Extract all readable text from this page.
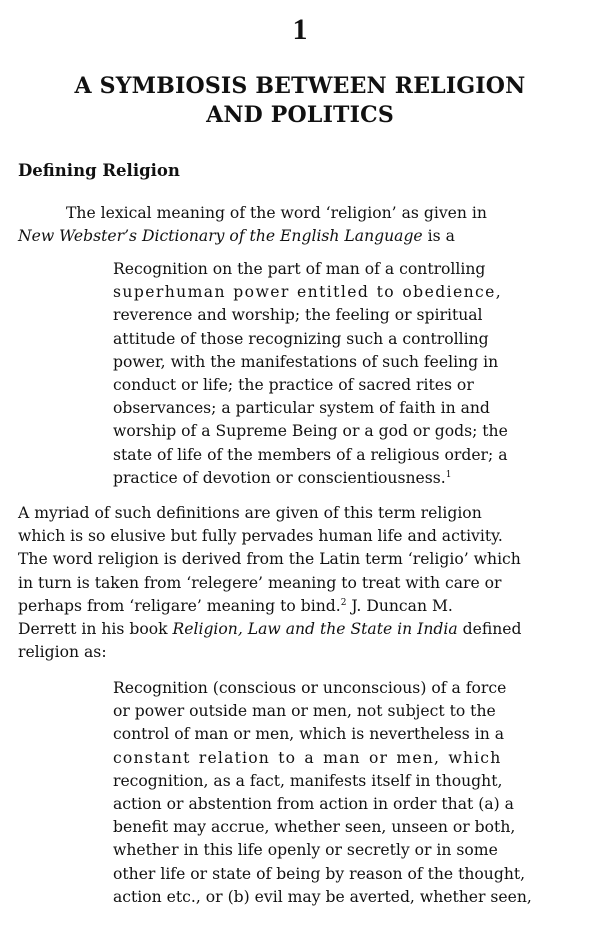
1
A SYMBIOSIS BETWEEN RELIGION
AND POLITICS
Defining Religion
The lexical meaning of the word ‘religion’ as given in
New Webster’s Dictionary of the English Language is a
Recognition on the part of man of a controlling
superhuman power entitled to obedience,
reverence and worship; the feeling or spiritual
attitude of those recognizing such a controlling
power, with the manifestations of such feeling in
conduct or life; the practice of sacred rites or
observances; a particular system of faith in and
worship of a Supreme Being or a god or gods; the
state of life of the members of a religious order; a
practice of devotion or conscientiousness.$^1$
A myriad of such definitions are given of this term religion
which is so elusive but fully pervades human life and activity.
The word religion is derived from the Latin term ‘religio’ which
in turn is taken from ‘relegere’ meaning to treat with care or
perhaps from ‘religare’ meaning to bind.$^2$ J. Duncan M.
Derrett in his book Religion, Law and the State in India defined
religion as:
Recognition (conscious or unconscious) of a force
or power outside man or men, not subject to the
control of man or men, which is nevertheless in a
constant relation to a man or men, which
recognition, as a fact, manifests itself in thought,
action or abstention from action in order that (a) a
benefit may accrue, whether seen, unseen or both,
whether in this life openly or secretly or in some
other life or state of being by reason of the thought,
action etc., or (b) evil may be averted, whether seen,
